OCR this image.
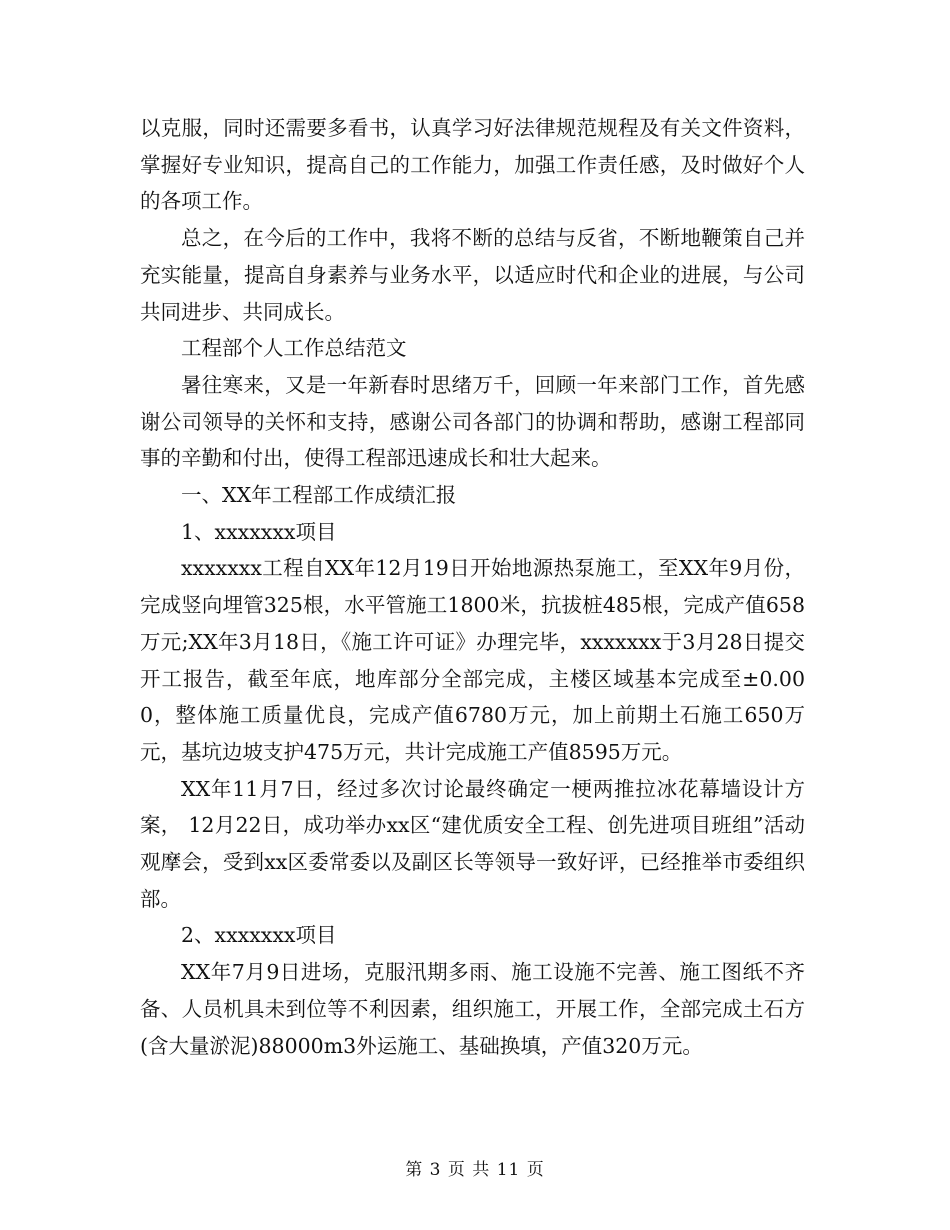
以克服，同时还需要多看书，认真学习好法律规范规程及有关文件资料，掌握好专业知识，提高自己的工作能力，加强工作责任感，及时做好个人的各项工作。

总之，在今后的工作中，我将不断的总结与反省，不断地鞭策自己并充实能量，提高自身素养与业务水平，以适应时代和企业的进展，与公司共同进步、共同成长。

工程部个人工作总结范文

暑往寒来，又是一年新春时思绪万千，回顾一年来部门工作，首先感谢公司领导的关怀和支持，感谢公司各部门的协调和帮助，感谢工程部同事的辛勤和付出，使得工程部迅速成长和壮大起来。

一、XX年工程部工作成绩汇报

1、xxxxxxx项目

xxxxxxx工程自XX年12月19日开始地源热泵施工，至XX年9月份，完成竖向埋管325根，水平管施工1800米，抗拔桩485根，完成产值658万元;XX年3月18日，《施工许可证》办理完毕，xxxxxxx于3月28日提交开工报告，截至年底，地库部分全部完成，主楼区域基本完成至±0.000，整体施工质量优良，完成产值6780万元，加上前期土石施工650万元，基坑边坡支护475万元，共计完成施工产值8595万元。

XX年11月7日，经过多次讨论最终确定一梗两推拉冰花幕墙设计方案， 12月22日，成功举办xx区“建优质安全工程、创先进项目班组”活动观摩会，受到xx区委常委以及副区长等领导一致好评，已经推举市委组织部。

2、xxxxxxx项目

XX年7月9日进场，克服汛期多雨、施工设施不完善、施工图纸不齐备、人员机具未到位等不利因素，组织施工，开展工作，全部完成土石方(含大量淤泥)88000m3外运施工、基础换填，产值320万元。

第 3 页 共 11 页
